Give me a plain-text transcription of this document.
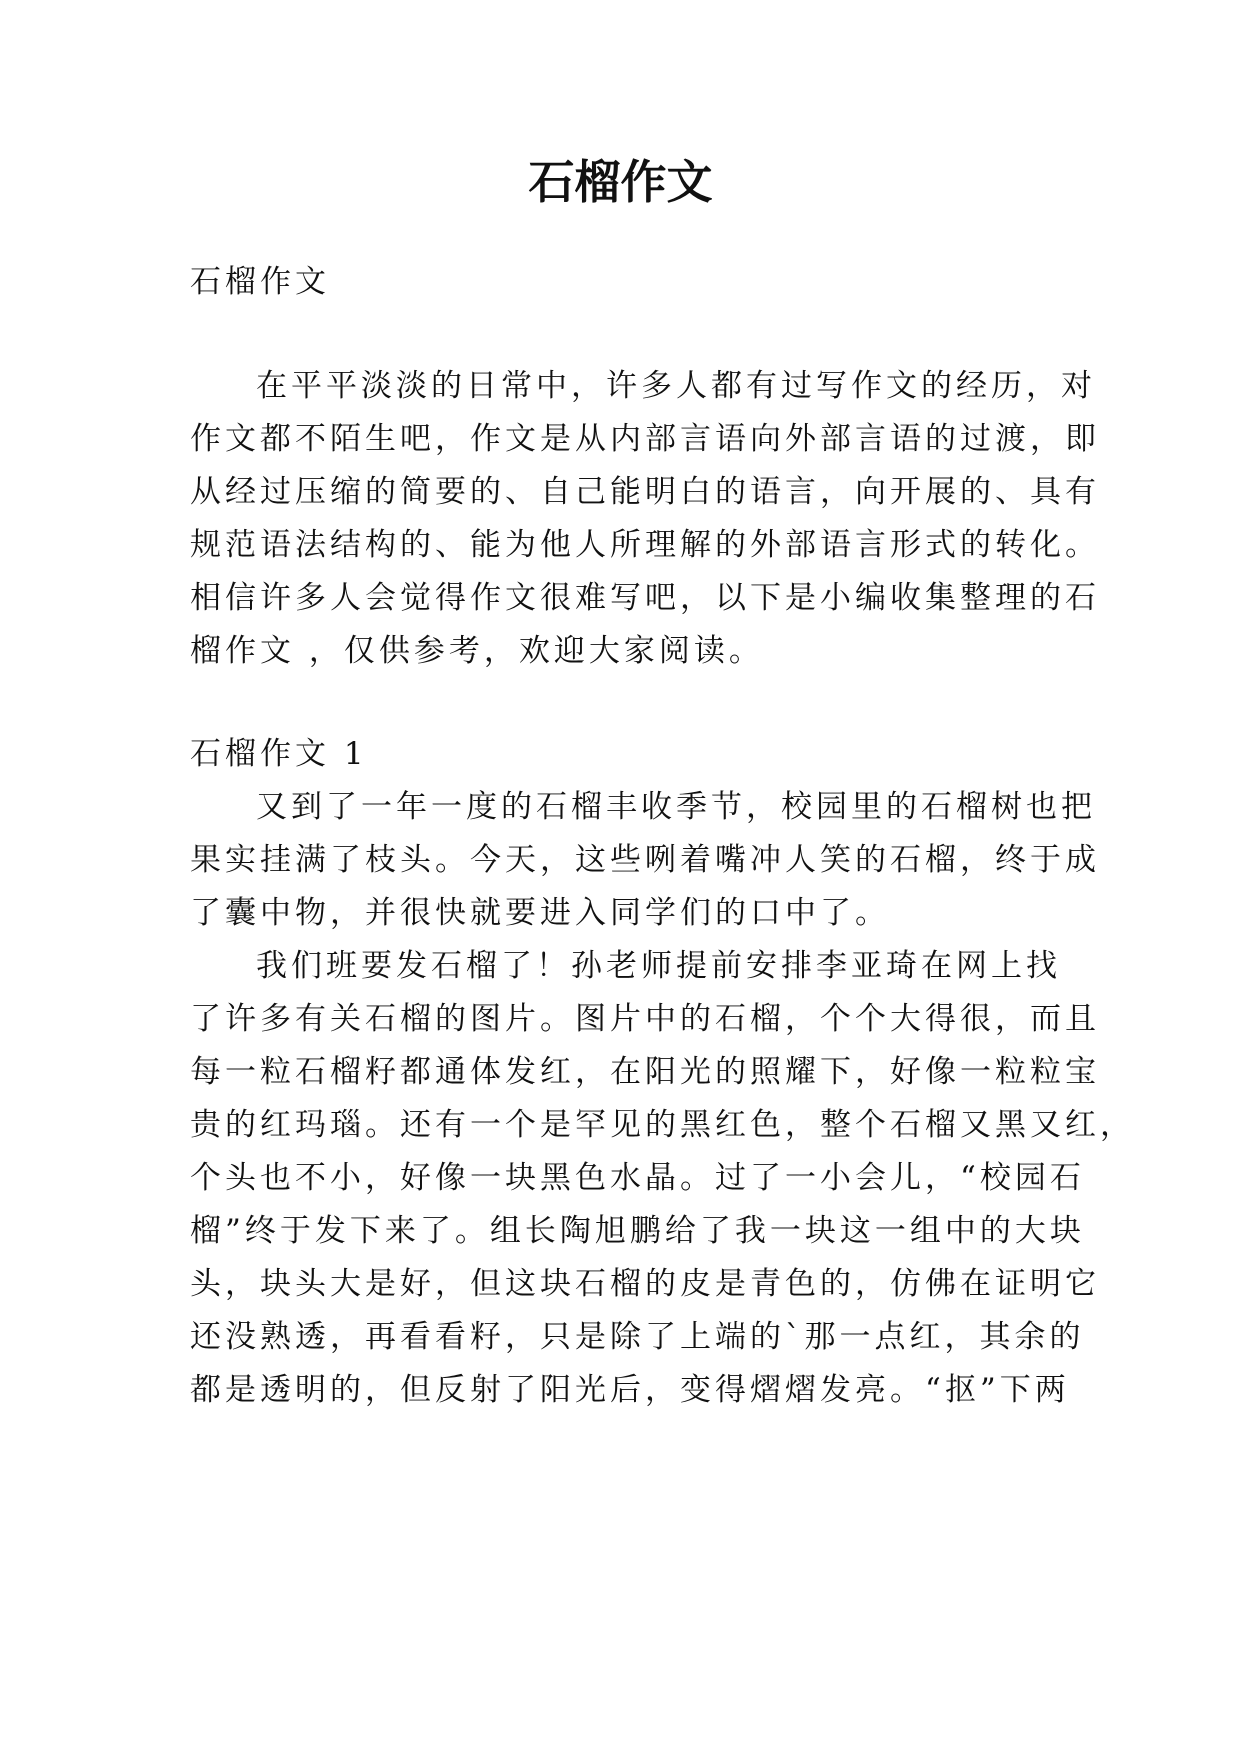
石榴作文

石榴作文

在平平淡淡的日常中，许多人都有过写作文的经历，对

作文都不陌生吧，作文是从内部言语向外部言语的过渡，即

从经过压缩的简要的、自己能明白的语言，向开展的、具有

规范语法结构的、能为他人所理解的外部语言形式的转化。

相信许多人会觉得作文很难写吧，以下是小编收集整理的石

榴作文 ，仅供参考，欢迎大家阅读。

石榴作文 1

又到了一年一度的石榴丰收季节，校园里的石榴树也把

果实挂满了枝头。今天，这些咧着嘴冲人笑的石榴，终于成

了囊中物，并很快就要进入同学们的口中了。

我们班要发石榴了！孙老师提前安排李亚琦在网上找

了许多有关石榴的图片。图片中的石榴，个个大得很，而且

每一粒石榴籽都通体发红，在阳光的照耀下，好像一粒粒宝

贵的红玛瑙。还有一个是罕见的黑红色，整个石榴又黑又红，

个头也不小，好像一块黑色水晶。过了一小会儿，“校园石

榴”终于发下来了。组长陶旭鹏给了我一块这一组中的大块

头，块头大是好，但这块石榴的皮是青色的，仿佛在证明它

还没熟透，再看看籽，只是除了上端的`那一点红，其余的

都是透明的，但反射了阳光后，变得熠熠发亮。“抠”下两
